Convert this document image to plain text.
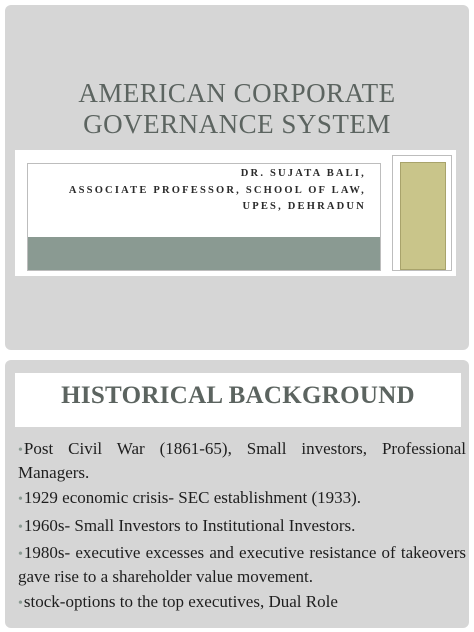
AMERICAN CORPORATE
GOVERNANCE SYSTEM
DR. SUJATA BALI,
ASSOCIATE PROFESSOR, SCHOOL OF LAW,
UPES, DEHRADUN
HISTORICAL BACKGROUND
•Post Civil War (1861-65), Small investors, Professional Managers.
•1929 economic crisis- SEC establishment (1933).
•1960s- Small Investors to Institutional Investors.
•1980s- executive excesses and executive resistance of takeovers gave rise to a shareholder value movement.
•stock-options to the top executives, Dual Role
